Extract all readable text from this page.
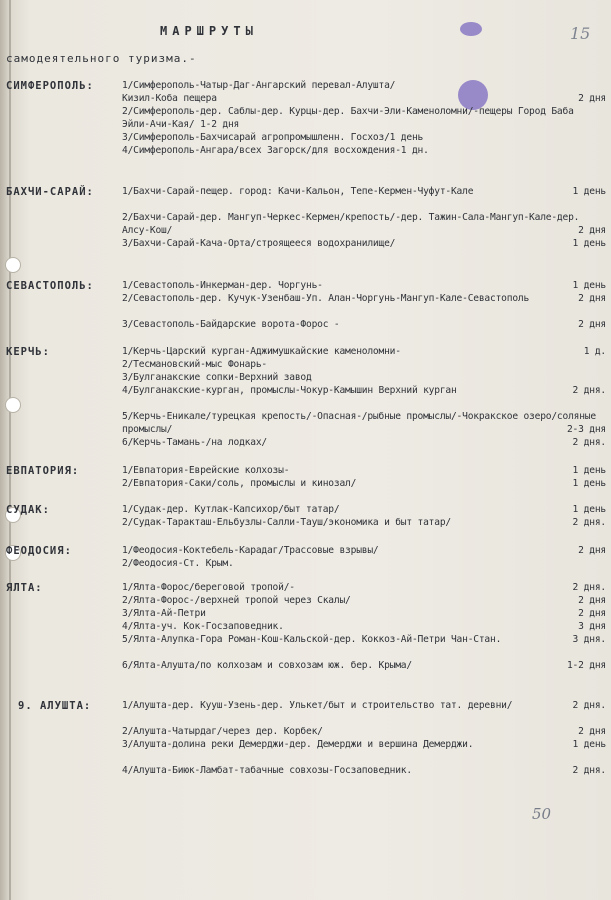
15
МАРШРУТЫ
самодеятельного туризма.-
СИМФЕРОПОЛЬ:	1/Симферополь-Чатыр-Даг-Ангарский перевал-Алушта/
Кизил-Коба пещера	2 дня
2/Симферополь-дер. Саблы-дер. Курцы-дер. Бахчи-Эли-Каменоломни/-пещеры Город Баба Эйли-Ачи-Кая/ 1-2 дня
3/Симферополь-Бахчисарай агропромышленн. Госхоз/1 день
4/Симферополь-Ангара/всех Загорск/для восхождения-1 дн.
БАХЧИ-САРАЙ:	1/Бахчи-Сарай-пещер. город: Качи-Кальон, Тепе-Кермен-Чуфут-Кале	1 день
2/Бахчи-Сарай-дер. Мангуп-Черкес-Кермен/крепость/-дер. Тажин-Сала-Мангуп-Кале-дер. Алсу-Кош/	2 дня
3/Бахчи-Сарай-Кача-Орта/строящееся водохранилище/	1 день
СЕВАСТОПОЛЬ:	1/Севастополь-Инкерман-дер. Чоргунь-	1 день
2/Севастополь-дер. Кучук-Узенбаш-Уп. Алан-Чоргунь-Мангуп-Кале-Севастополь	2 дня
3/Севастополь-Байдарские ворота-Форос -	2 дня
КЕРЧЬ:	1/Керчь-Царский курган-Аджимушкайские каменоломни-	1 д.
2/Тесмановский-мыс Фонарь-
3/Булганакские сопки-Верхний завод
4/Булганакские-курган, промыслы-Чокур-Камышин Верхний курган	2 дня.
5/Керчь-Еникале/турецкая крепость/-Опасная-/рыбные промыслы/-Чокракское озеро/соляные промыслы/	2-3 дня
6/Керчь-Тамань-/на лодках/	2 дня.
ЕВПАТОРИЯ:	1/Евпатория-Еврейские колхозы-	1 день
2/Евпатория-Саки/соль, промыслы и кинозал/	1 день
СУДАК:	1/Судак-дер. Кутлак-Капсихор/быт татар/	1 день
2/Судак-Таракташ-Ельбузлы-Салли-Тауш/экономика и быт татар/	2 дня.
ФЕОДОСИЯ:	1/Феодосия-Коктебель-Карадаг/Трассовые взрывы/	2 дня
2/Феодосия-Ст. Крым.
ЯЛТА:	1/Ялта-Форос/береговой тропой/-	2 дня.
2/Ялта-Форос-/верхней тропой через Скалы/	2 дня
3/Ялта-Ай-Петри	2 дня
4/Ялта-уч. Кок-Госзаповедник.	3 дня
5/Ялта-Алупка-Гора Роман-Кош-Кальской-дер. Коккоз-Ай-Петри Чан-Стан.	3 дня.
6/Ялта-Алушта/по колхозам и совхозам юж. бер. Крыма/	1-2 дня
9. АЛУШТА:	1/Алушта-дер. Кууш-Узень-дер. Улькет/быт и строительство тат. деревни/	2 дня.
2/Алушта-Чатырдаг/через дер. Корбек/	2 дня
3/Алушта-долина реки Демерджи-дер. Демерджи и вершина Демерджи.	1 день
4/Алушта-Биюк-Ламбат-табачные совхозы-Госзаповедник.	2 дня.
50
